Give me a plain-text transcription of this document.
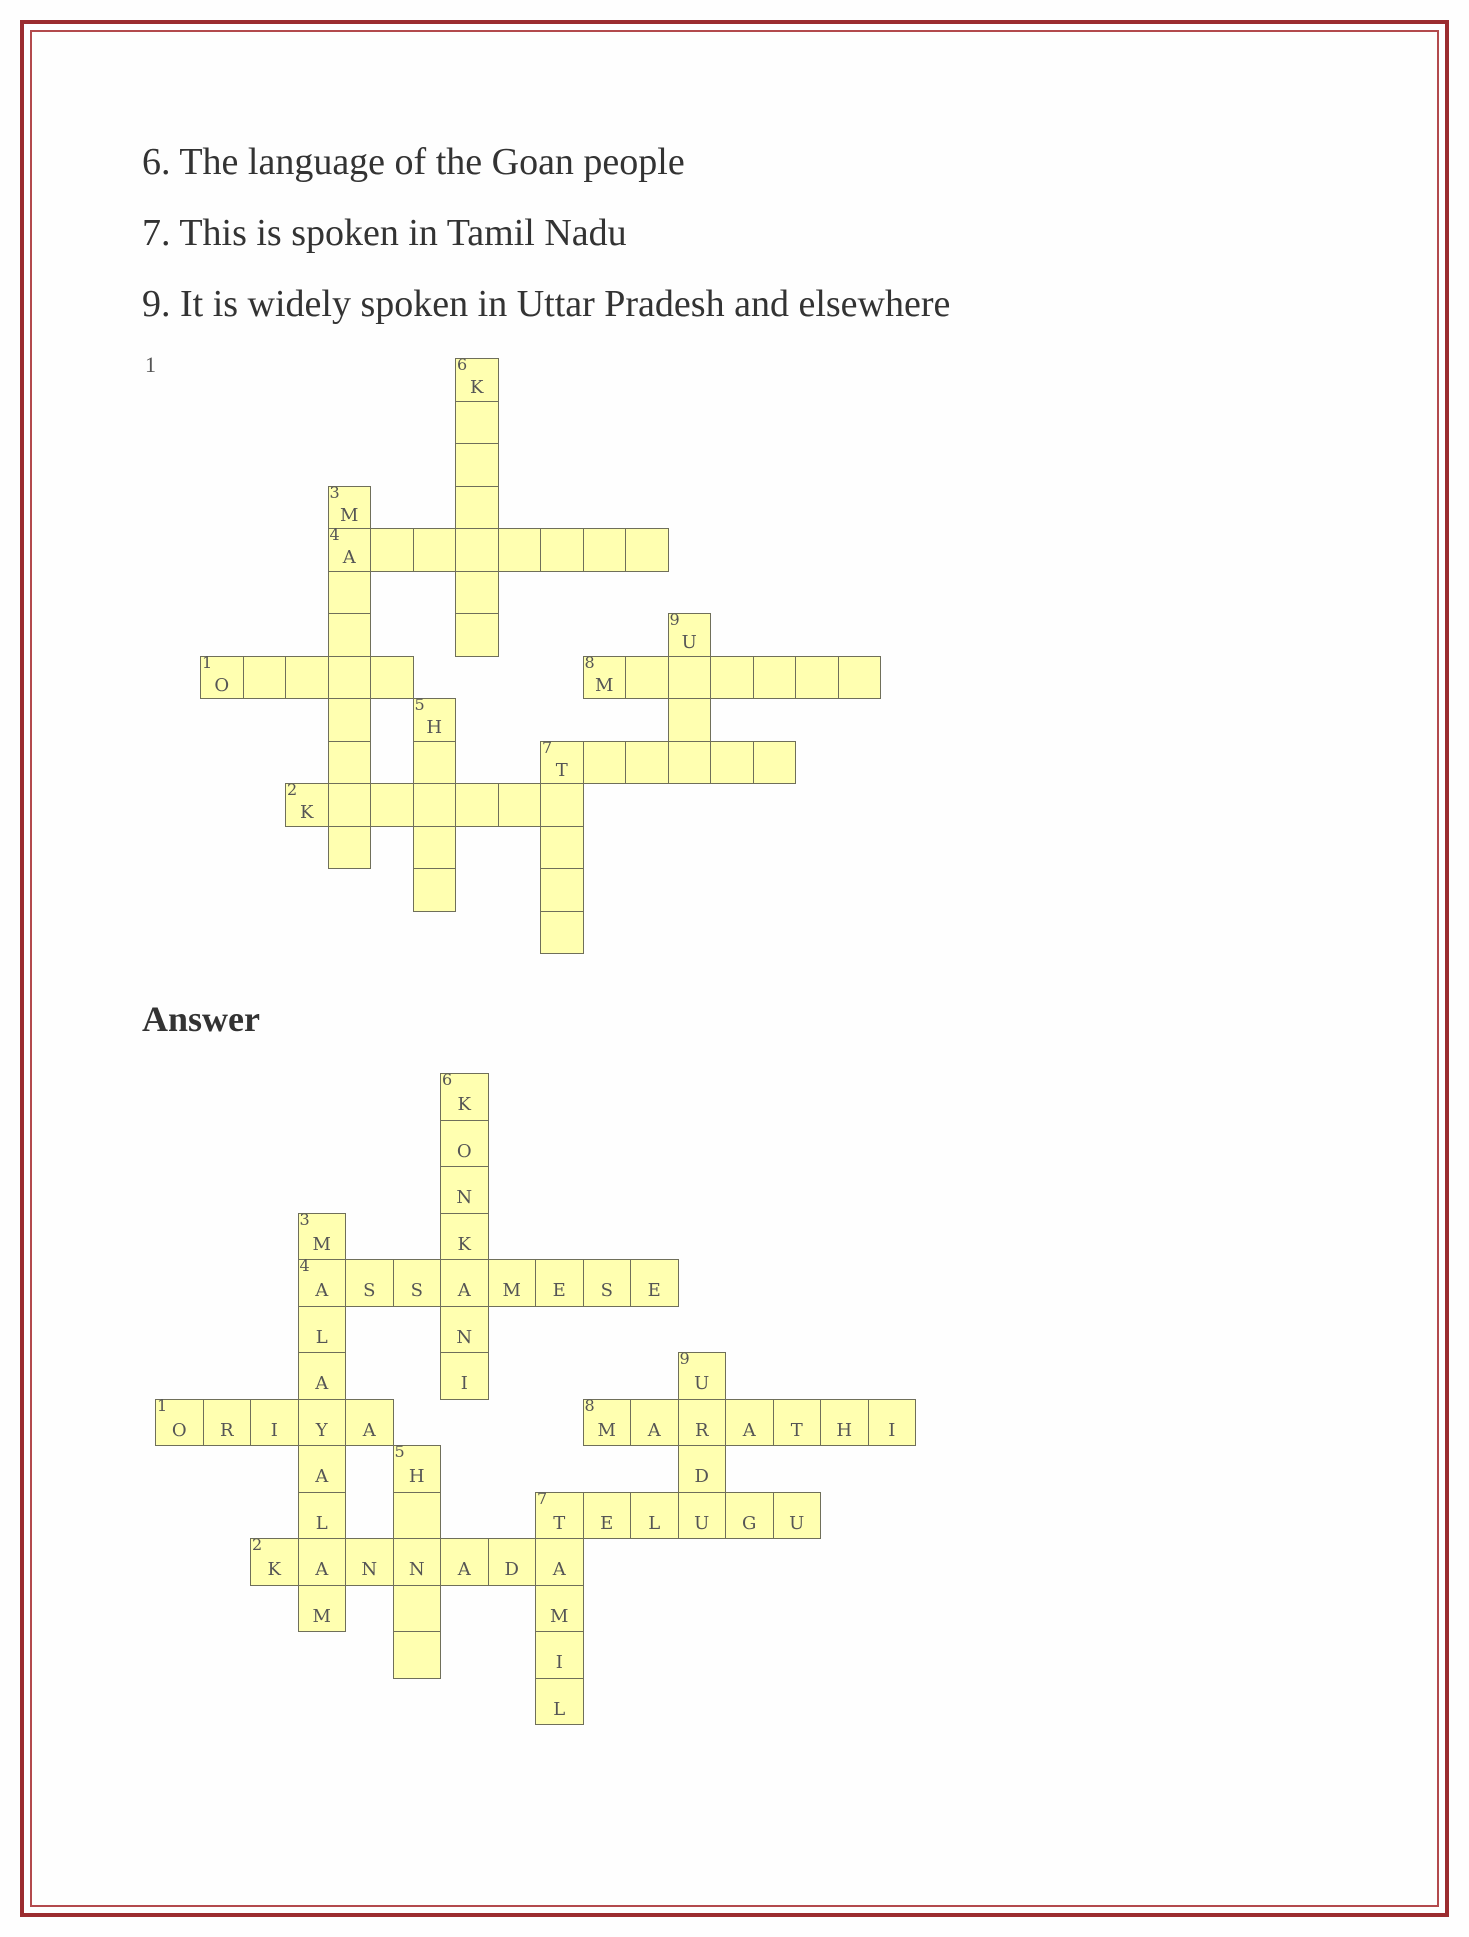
6. The language of the Goan people
7. This is spoken in Tamil Nadu
9. It is widely spoken in Uttar Pradesh and elsewhere
1
1
O
2
K
3
M
4
A
5
H
6
K
7
T
8
M
9
U
Answer
1
O	R	I	Y	A
2
K	A	N	N	A	D	A
3
M
4
A
L
A
A
L
M
S	S	A	M	E	S	E
5
H
6
K
O
N
K
N
I
7
T
M
I
L
E	L	U	G	U
8
M	A	R	A	T	H	I
9
U
D
